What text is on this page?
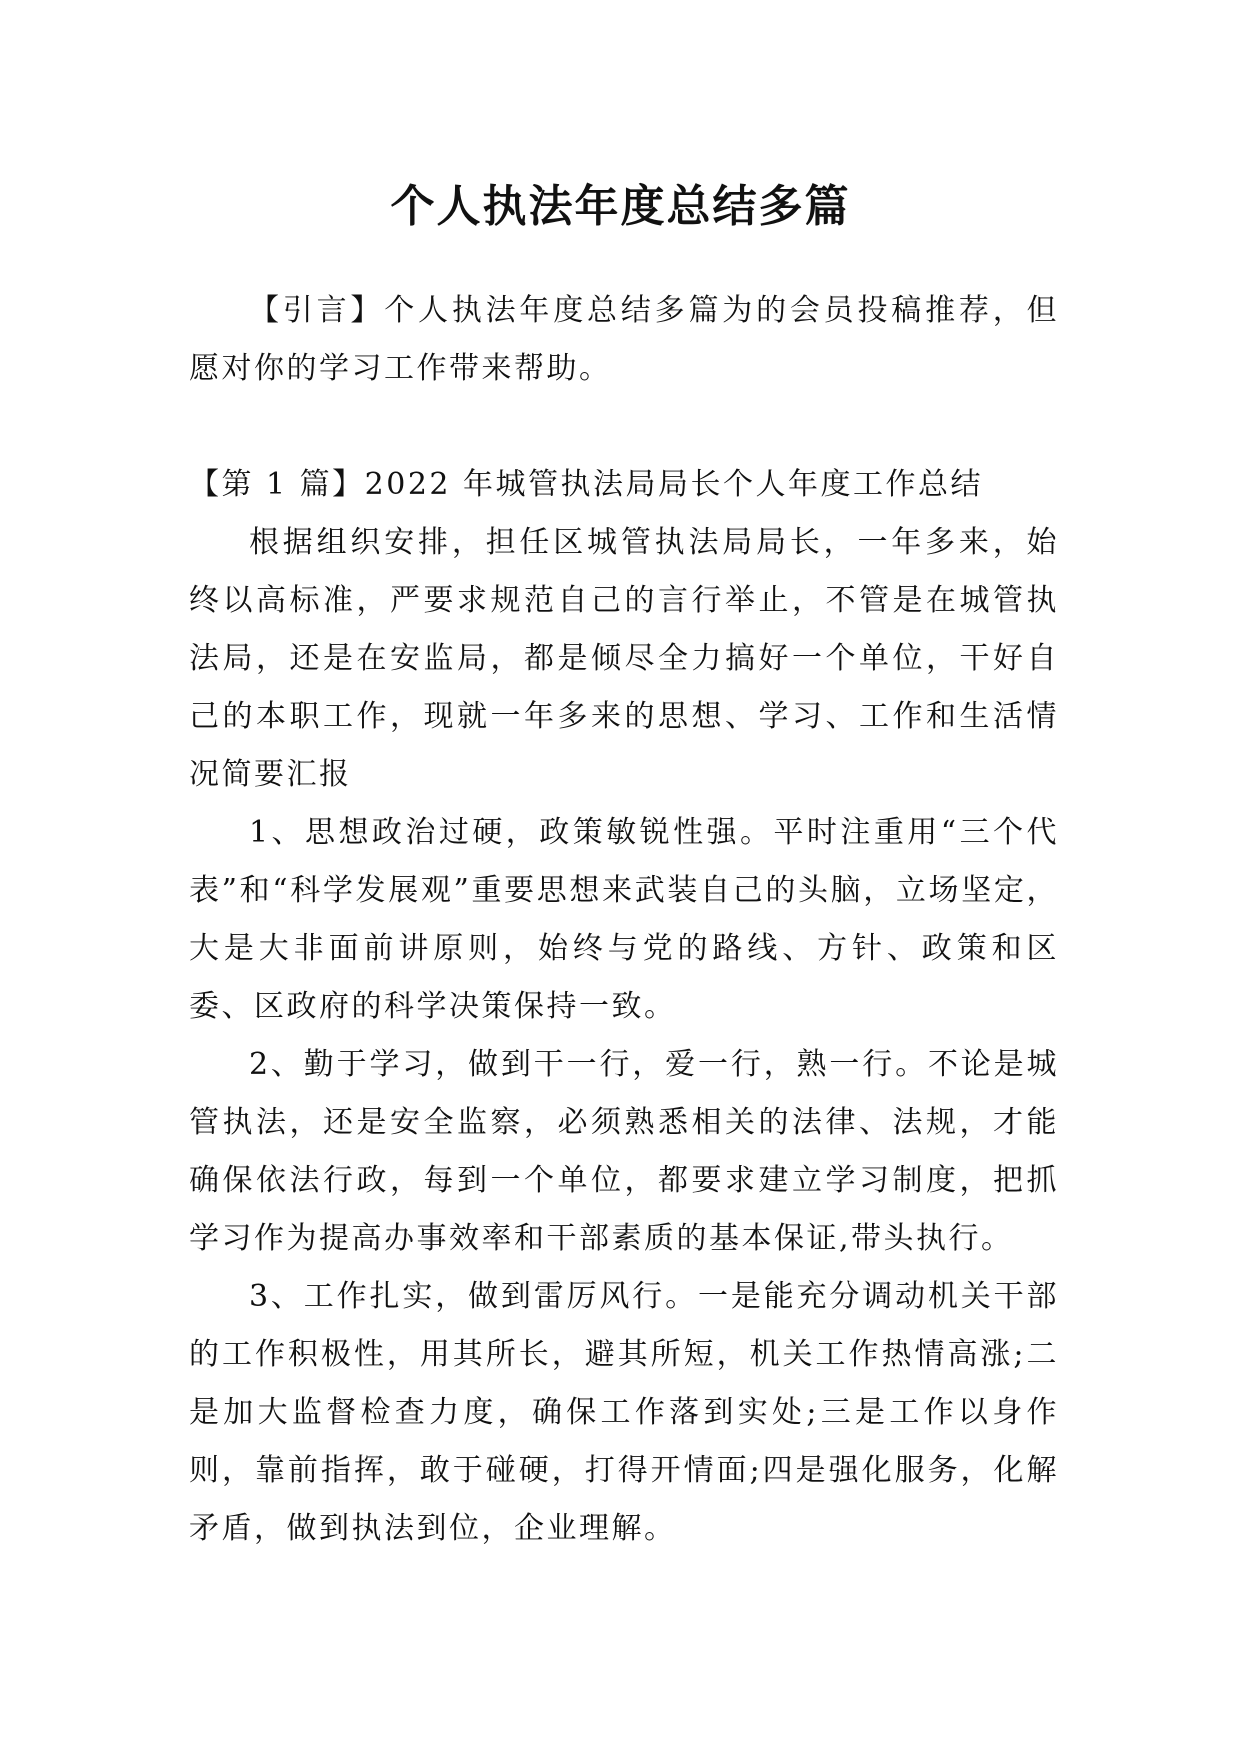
个人执法年度总结多篇

【引言】个人执法年度总结多篇为的会员投稿推荐，但愿对你的学习工作带来帮助。

【第 1 篇】2022 年城管执法局局长个人年度工作总结

根据组织安排，担任区城管执法局局长，一年多来，始终以高标准，严要求规范自己的言行举止，不管是在城管执法局，还是在安监局，都是倾尽全力搞好一个单位，干好自己的本职工作，现就一年多来的思想、学习、工作和生活情况简要汇报

1、思想政治过硬，政策敏锐性强。平时注重用“三个代表”和“科学发展观”重要思想来武装自己的头脑，立场坚定，大是大非面前讲原则，始终与党的路线、方针、政策和区委、区政府的科学决策保持一致。

2、勤于学习，做到干一行，爱一行，熟一行。不论是城管执法，还是安全监察，必须熟悉相关的法律、法规，才能确保依法行政，每到一个单位，都要求建立学习制度，把抓学习作为提高办事效率和干部素质的基本保证,带头执行。

3、工作扎实，做到雷厉风行。一是能充分调动机关干部的工作积极性，用其所长，避其所短，机关工作热情高涨;二是加大监督检查力度，确保工作落到实处;三是工作以身作则，靠前指挥，敢于碰硬，打得开情面;四是强化服务，化解矛盾，做到执法到位，企业理解。
